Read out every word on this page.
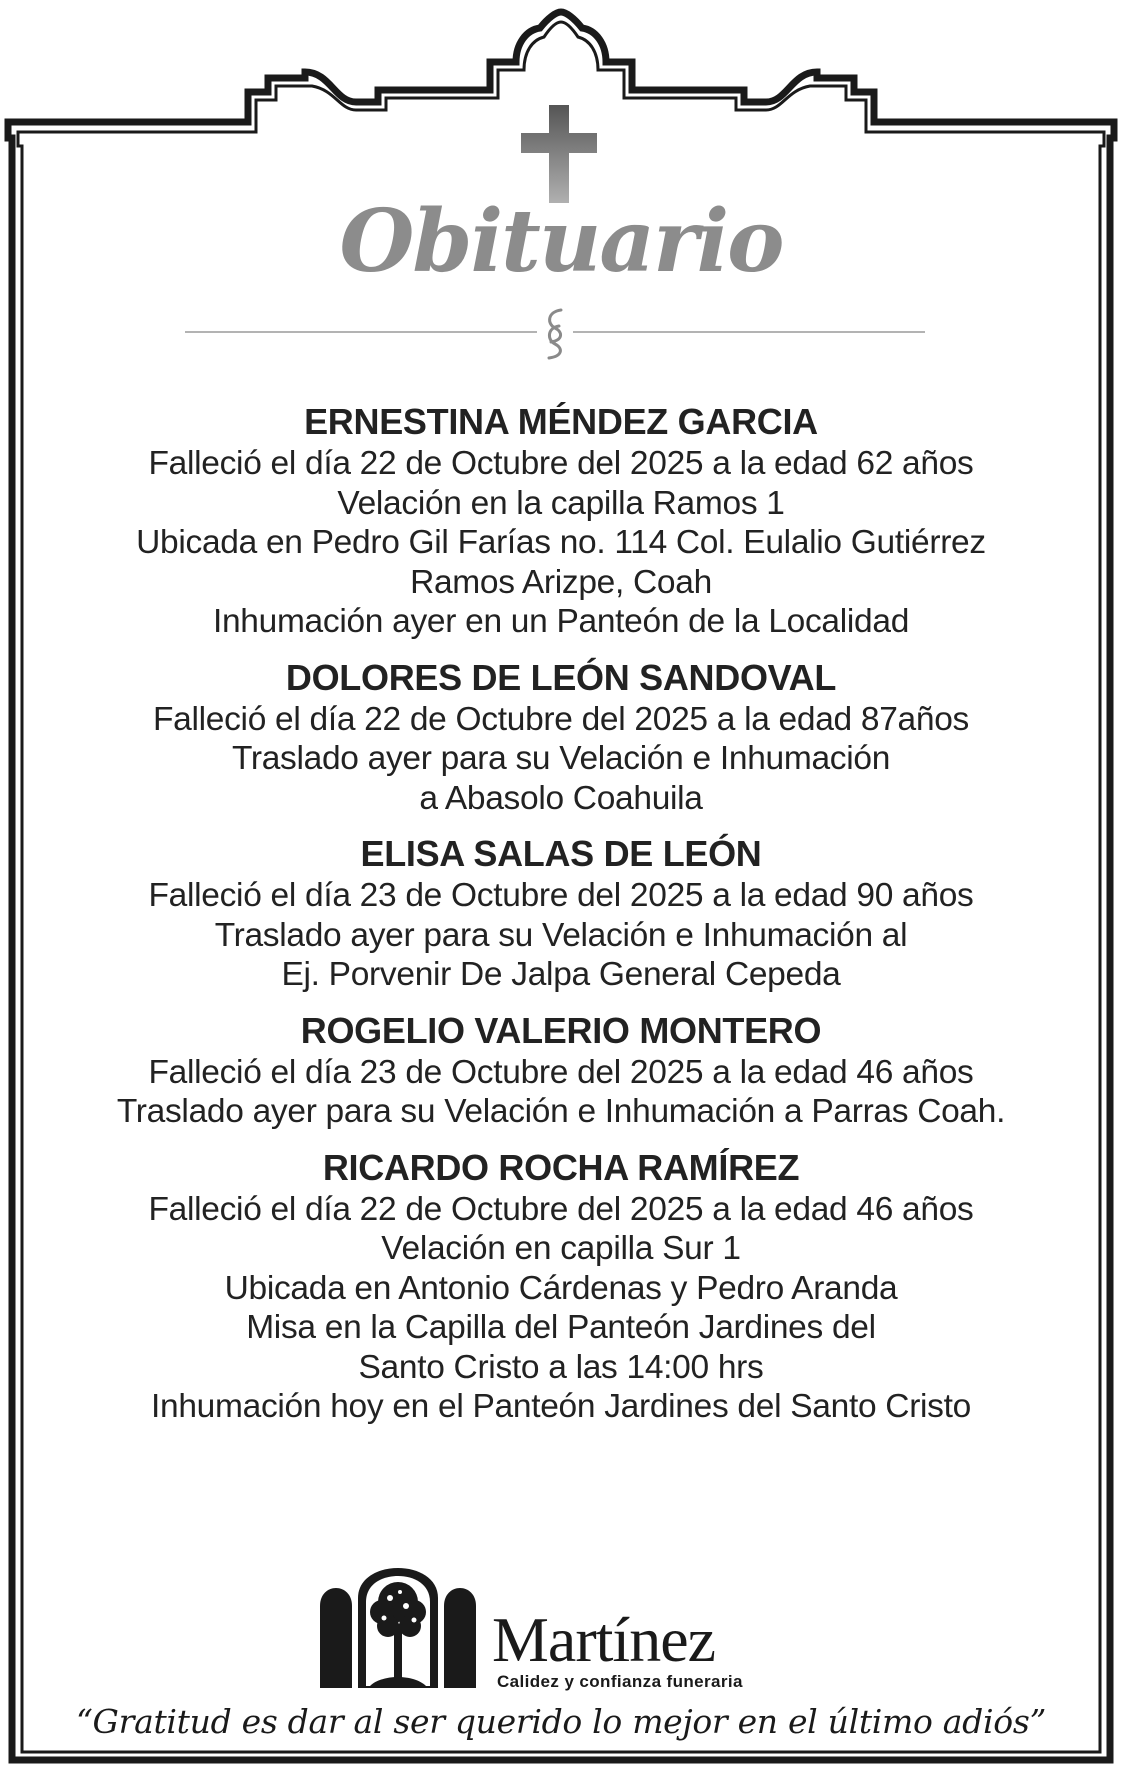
Obituario
ERNESTINA MÉNDEZ GARCIA
Falleció el día 22 de Octubre del 2025 a la edad 62 años
Velación en la capilla Ramos 1
Ubicada en Pedro Gil Farías no. 114 Col. Eulalio Gutiérrez
Ramos Arizpe, Coah
Inhumación ayer en un Panteón de la Localidad
DOLORES DE LEÓN SANDOVAL
Falleció el día 22 de Octubre del 2025 a la edad 87años
Traslado ayer para su Velación e Inhumación
a Abasolo Coahuila
ELISA SALAS DE LEÓN
Falleció el día 23 de Octubre del 2025 a la edad 90 años
Traslado ayer para su Velación e Inhumación al
Ej. Porvenir De Jalpa General Cepeda
ROGELIO VALERIO MONTERO
Falleció el día 23 de Octubre del 2025 a la edad 46 años
Traslado ayer para su Velación e Inhumación a Parras Coah.
RICARDO ROCHA RAMÍREZ
Falleció el día 22 de Octubre del 2025 a la edad 46 años
Velación en capilla Sur 1
Ubicada en Antonio Cárdenas y Pedro Aranda
Misa en la Capilla del Panteón Jardines del
Santo Cristo a las 14:00 hrs
Inhumación hoy en el Panteón Jardines del Santo Cristo
Martínez
Calidez y confianza funeraria
“Gratitud es dar al ser querido lo mejor en el último adiós”
